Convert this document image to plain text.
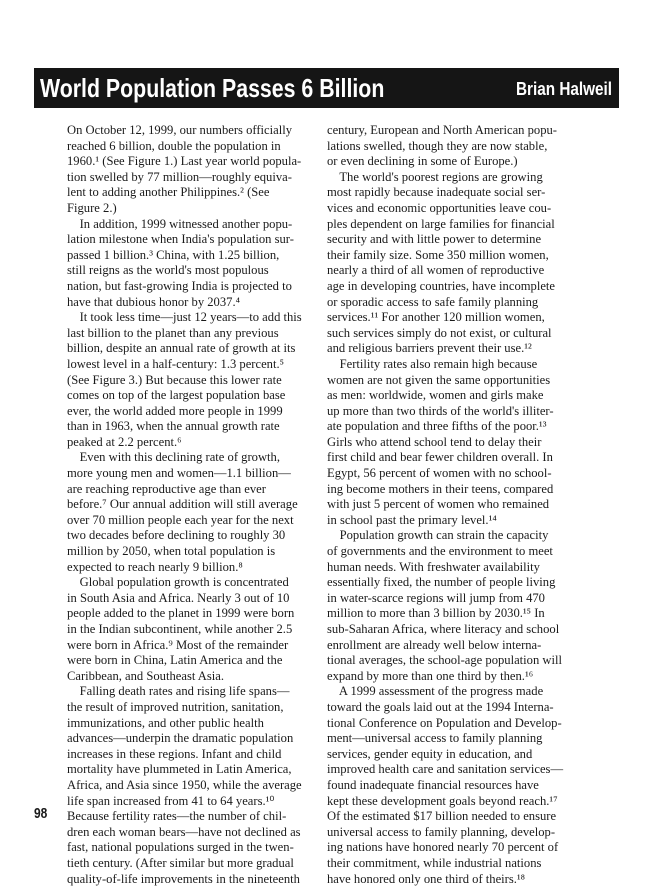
World Population Passes 6 Billion	Brian Halweil
On October 12, 1999, our numbers officially
reached 6 billion, double the population in
1960.¹ (See Figure 1.) Last year world popula-
tion swelled by 77 million—roughly equiva-
lent to adding another Philippines.² (See
Figure 2.)
In addition, 1999 witnessed another popu-
lation milestone when India's population sur-
passed 1 billion.³ China, with 1.25 billion,
still reigns as the world's most populous
nation, but fast-growing India is projected to
have that dubious honor by 2037.⁴
It took less time—just 12 years—to add this
last billion to the planet than any previous
billion, despite an annual rate of growth at its
lowest level in a half-century: 1.3 percent.⁵
(See Figure 3.) But because this lower rate
comes on top of the largest population base
ever, the world added more people in 1999
than in 1963, when the annual growth rate
peaked at 2.2 percent.⁶
Even with this declining rate of growth,
more young men and women—1.1 billion—
are reaching reproductive age than ever
before.⁷ Our annual addition will still average
over 70 million people each year for the next
two decades before declining to roughly 30
million by 2050, when total population is
expected to reach nearly 9 billion.⁸
Global population growth is concentrated
in South Asia and Africa. Nearly 3 out of 10
people added to the planet in 1999 were born
in the Indian subcontinent, while another 2.5
were born in Africa.⁹ Most of the remainder
were born in China, Latin America and the
Caribbean, and Southeast Asia.
Falling death rates and rising life spans—
the result of improved nutrition, sanitation,
immunizations, and other public health
advances—underpin the dramatic population
increases in these regions. Infant and child
mortality have plummeted in Latin America,
Africa, and Asia since 1950, while the average
life span increased from 41 to 64 years.¹⁰
Because fertility rates—the number of chil-
dren each woman bears—have not declined as
fast, national populations surged in the twen-
tieth century. (After similar but more gradual
quality-of-life improvements in the nineteenth
century, European and North American popu-
lations swelled, though they are now stable,
or even declining in some of Europe.)
The world's poorest regions are growing
most rapidly because inadequate social ser-
vices and economic opportunities leave cou-
ples dependent on large families for financial
security and with little power to determine
their family size. Some 350 million women,
nearly a third of all women of reproductive
age in developing countries, have incomplete
or sporadic access to safe family planning
services.¹¹ For another 120 million women,
such services simply do not exist, or cultural
and religious barriers prevent their use.¹²
Fertility rates also remain high because
women are not given the same opportunities
as men: worldwide, women and girls make
up more than two thirds of the world's illiter-
ate population and three fifths of the poor.¹³
Girls who attend school tend to delay their
first child and bear fewer children overall. In
Egypt, 56 percent of women with no school-
ing become mothers in their teens, compared
with just 5 percent of women who remained
in school past the primary level.¹⁴
Population growth can strain the capacity
of governments and the environment to meet
human needs. With freshwater availability
essentially fixed, the number of people living
in water-scarce regions will jump from 470
million to more than 3 billion by 2030.¹⁵ In
sub-Saharan Africa, where literacy and school
enrollment are already well below interna-
tional averages, the school-age population will
expand by more than one third by then.¹⁶
A 1999 assessment of the progress made
toward the goals laid out at the 1994 Interna-
tional Conference on Population and Develop-
ment—universal access to family planning
services, gender equity in education, and
improved health care and sanitation services—
found inadequate financial resources have
kept these development goals beyond reach.¹⁷
Of the estimated $17 billion needed to ensure
universal access to family planning, develop-
ing nations have honored nearly 70 percent of
their commitment, while industrial nations
have honored only one third of theirs.¹⁸
98
